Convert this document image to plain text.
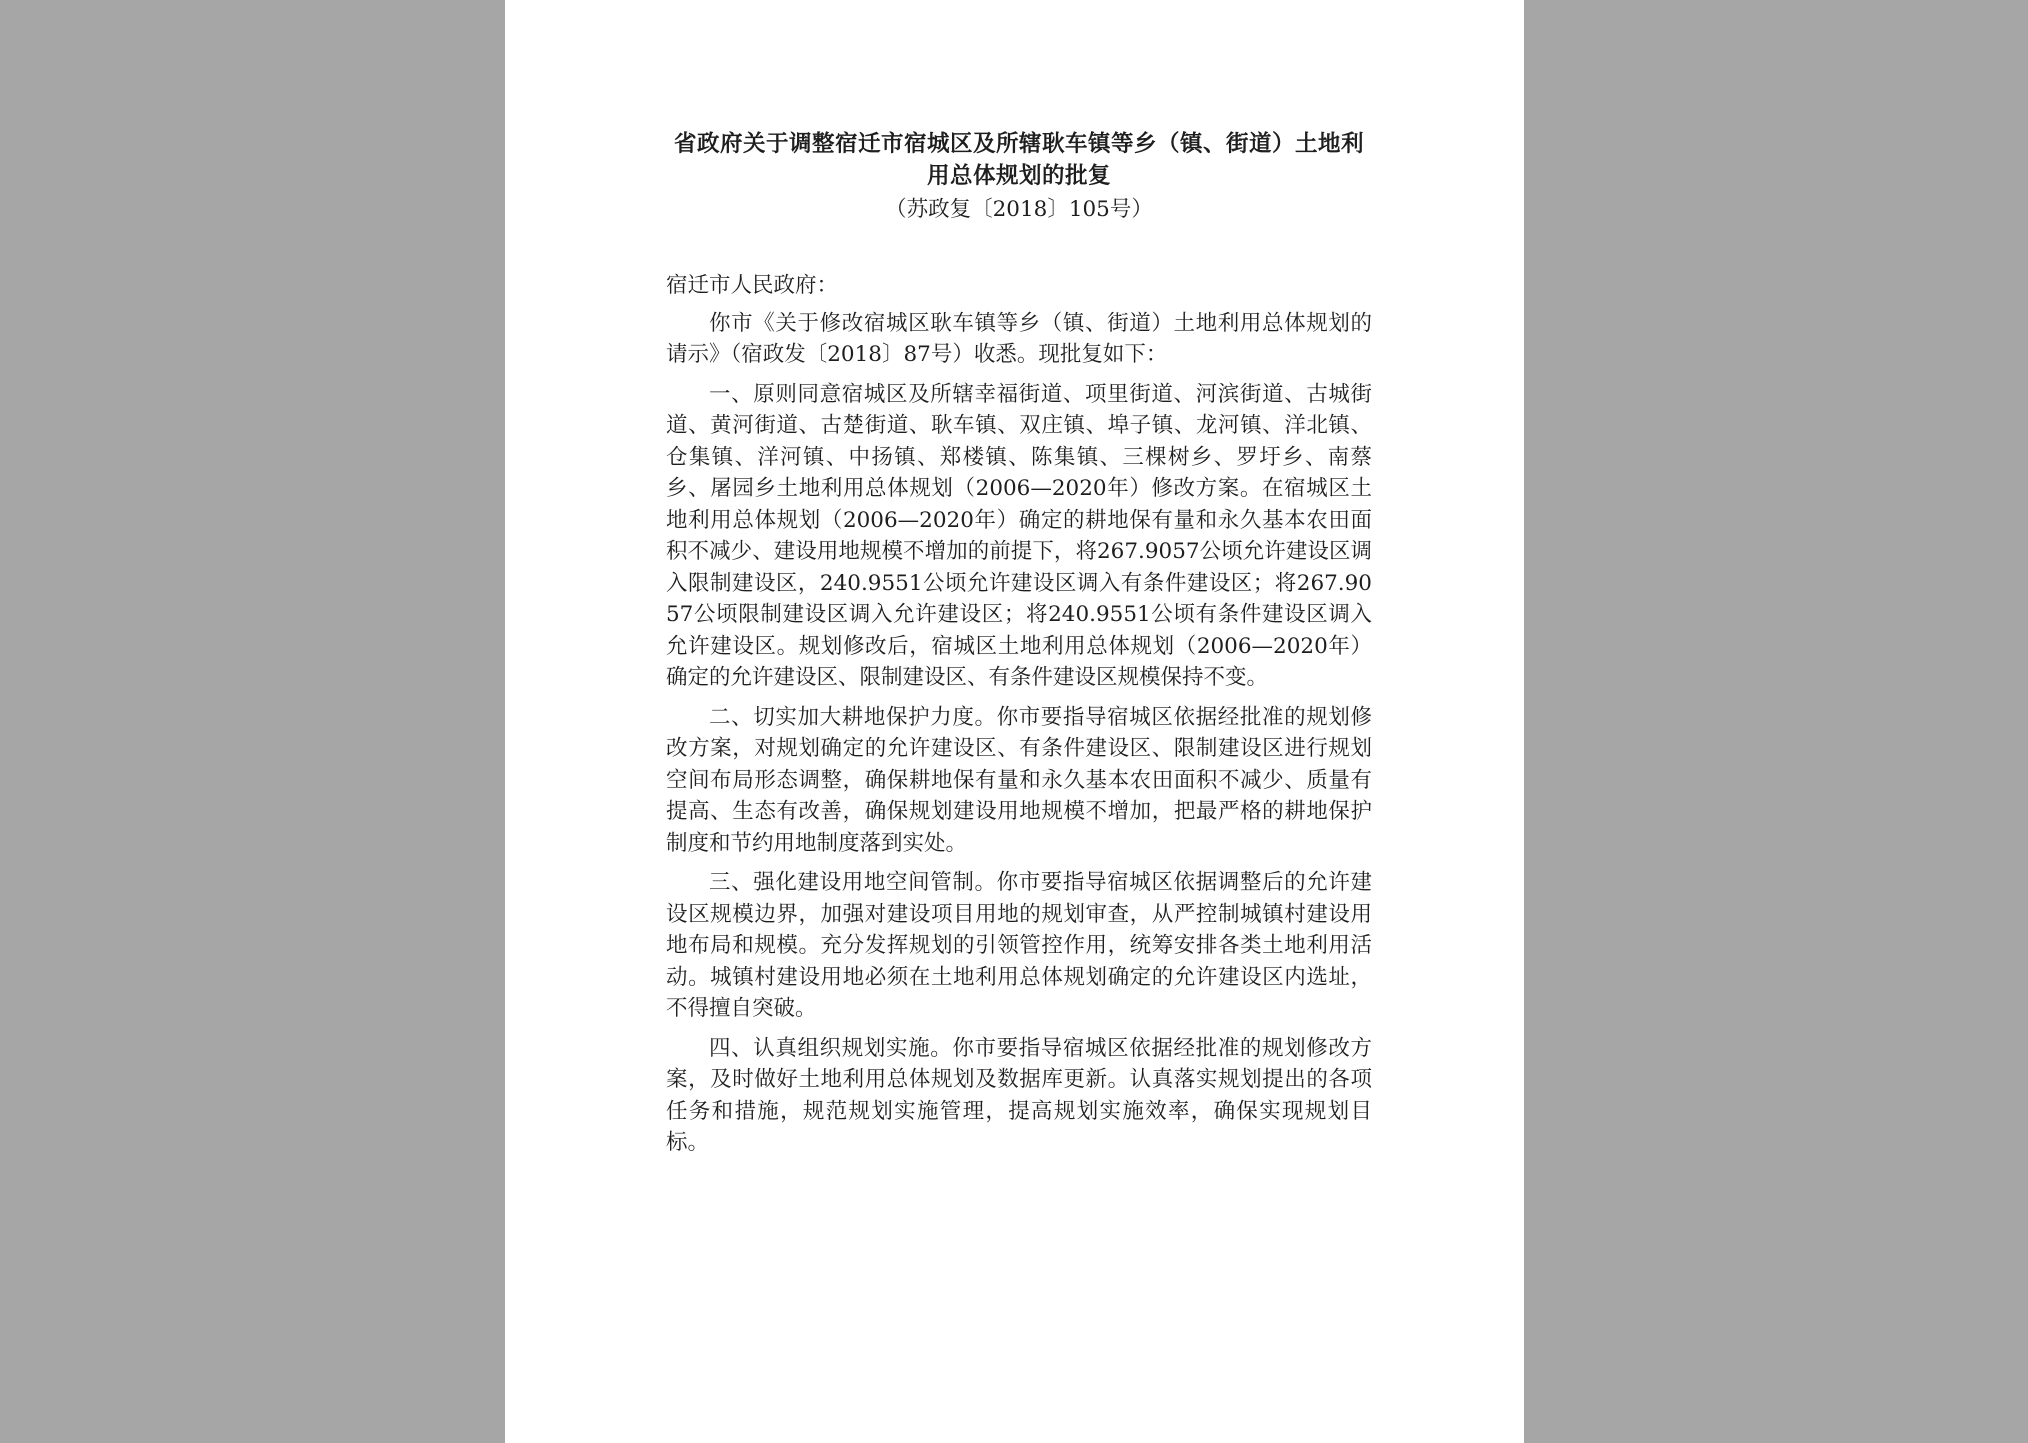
省政府关于调整宿迁市宿城区及所辖耿车镇等乡（镇、街道）土地利用总体规划的批复

（苏政复〔2018〕105号）

宿迁市人民政府：

你市《关于修改宿城区耿车镇等乡（镇、街道）土地利用总体规划的请示》（宿政发〔2018〕87号）收悉。现批复如下：

一、原则同意宿城区及所辖幸福街道、项里街道、河滨街道、古城街道、黄河街道、古楚街道、耿车镇、双庄镇、埠子镇、龙河镇、洋北镇、仓集镇、洋河镇、中扬镇、郑楼镇、陈集镇、三棵树乡、罗圩乡、南蔡乡、屠园乡土地利用总体规划（2006—2020年）修改方案。在宿城区土地利用总体规划（2006—2020年）确定的耕地保有量和永久基本农田面积不减少、建设用地规模不增加的前提下，将267.9057公顷允许建设区调入限制建设区，240.9551公顷允许建设区调入有条件建设区；将267.9057公顷限制建设区调入允许建设区；将240.9551公顷有条件建设区调入允许建设区。规划修改后，宿城区土地利用总体规划（2006—2020年）确定的允许建设区、限制建设区、有条件建设区规模保持不变。

二、切实加大耕地保护力度。你市要指导宿城区依据经批准的规划修改方案，对规划确定的允许建设区、有条件建设区、限制建设区进行规划空间布局形态调整，确保耕地保有量和永久基本农田面积不减少、质量有提高、生态有改善，确保规划建设用地规模不增加，把最严格的耕地保护制度和节约用地制度落到实处。

三、强化建设用地空间管制。你市要指导宿城区依据调整后的允许建设区规模边界，加强对建设项目用地的规划审查，从严控制城镇村建设用地布局和规模。充分发挥规划的引领管控作用，统筹安排各类土地利用活动。城镇村建设用地必须在土地利用总体规划确定的允许建设区内选址，不得擅自突破。

四、认真组织规划实施。你市要指导宿城区依据经批准的规划修改方案，及时做好土地利用总体规划及数据库更新。认真落实规划提出的各项任务和措施，规范规划实施管理，提高规划实施效率，确保实现规划目标。
